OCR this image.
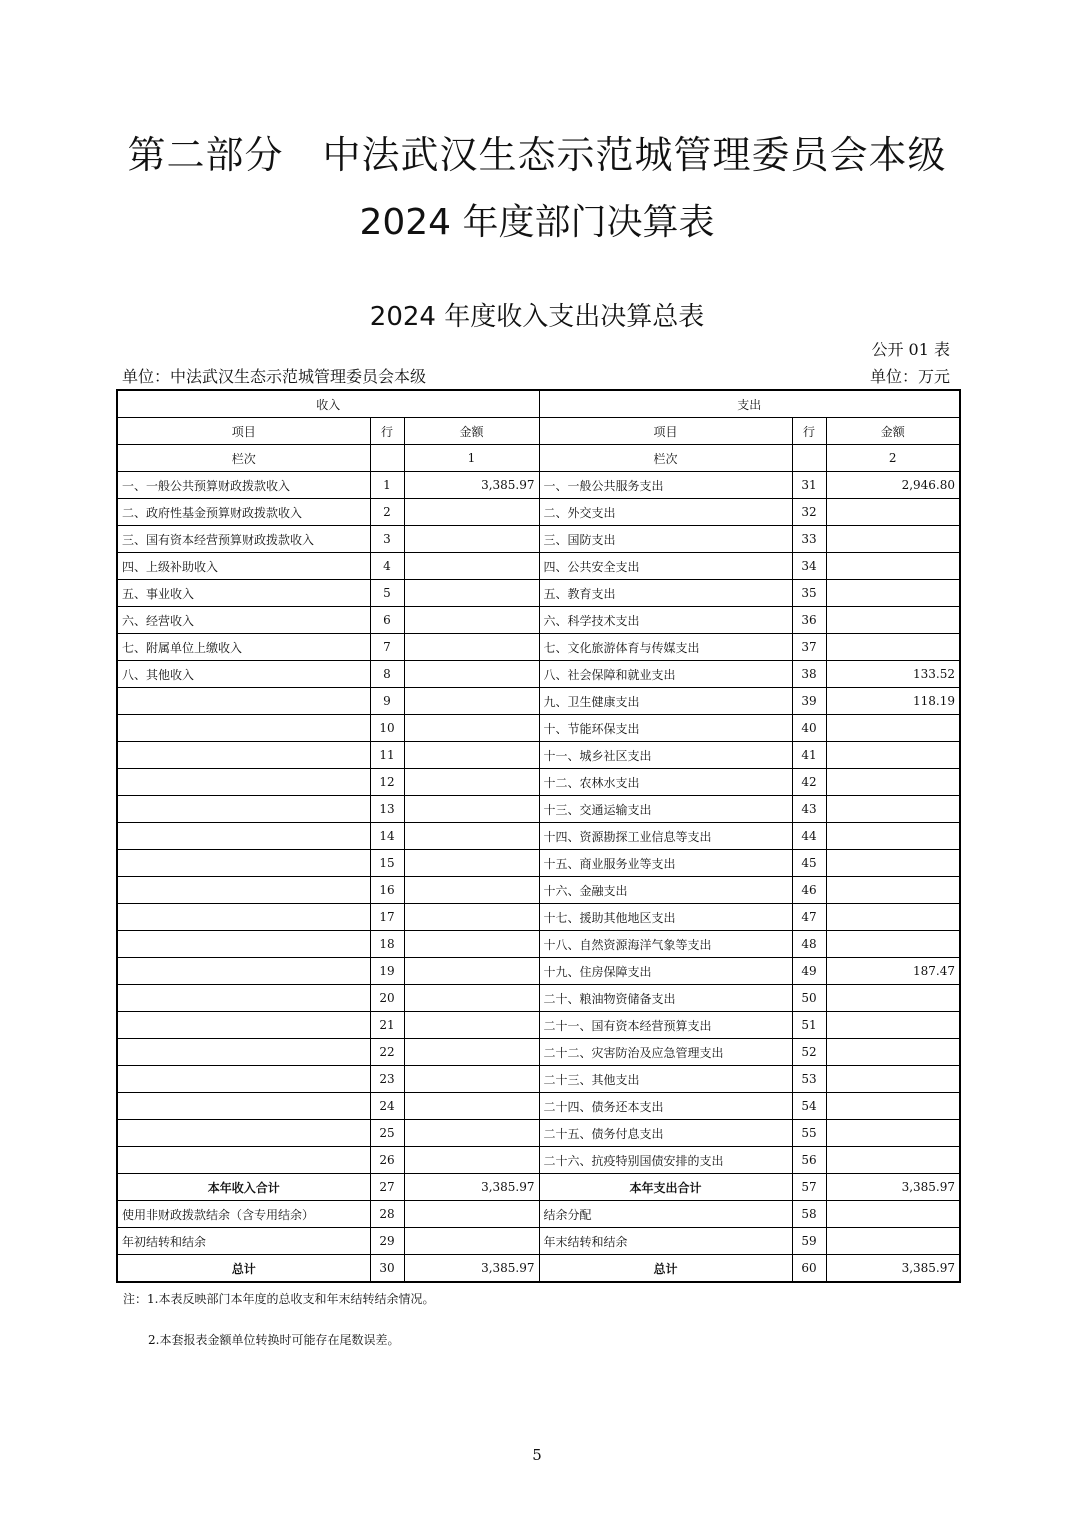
第二部分　中法武汉生态示范城管理委员会本级
2024 年度部门决算表
2024 年度收入支出决算总表
公开 01 表
单位：中法武汉生态示范城管理委员会本级	单位：万元
收入			支出		
项目	行	金额	项目	行	金额
栏次		1	栏次		2
一、一般公共预算财政拨款收入	1	3,385.97	一、一般公共服务支出	31	2,946.80
二、政府性基金预算财政拨款收入	2		二、外交支出	32	
三、国有资本经营预算财政拨款收入	3		三、国防支出	33	
四、上级补助收入	4		四、公共安全支出	34	
五、事业收入	5		五、教育支出	35	
六、经营收入	6		六、科学技术支出	36	
七、附属单位上缴收入	7		七、文化旅游体育与传媒支出	37	
八、其他收入	8		八、社会保障和就业支出	38	133.52
	9		九、卫生健康支出	39	118.19
	10		十、节能环保支出	40	
	11		十一、城乡社区支出	41	
	12		十二、农林水支出	42	
	13		十三、交通运输支出	43	
	14		十四、资源勘探工业信息等支出	44	
	15		十五、商业服务业等支出	45	
	16		十六、金融支出	46	
	17		十七、援助其他地区支出	47	
	18		十八、自然资源海洋气象等支出	48	
	19		十九、住房保障支出	49	187.47
	20		二十、粮油物资储备支出	50	
	21		二十一、国有资本经营预算支出	51	
	22		二十二、灾害防治及应急管理支出	52	
	23		二十三、其他支出	53	
	24		二十四、债务还本支出	54	
	25		二十五、债务付息支出	55	
	26		二十六、抗疫特别国债安排的支出	56	
本年收入合计	27	3,385.97	本年支出合计	57	3,385.97
使用非财政拨款结余（含专用结余）	28		结余分配	58	
年初结转和结余	29		年末结转和结余	59	
总计	30	3,385.97	总计	60	3,385.97
注：1.本表反映部门本年度的总收支和年末结转结余情况。
2.本套报表金额单位转换时可能存在尾数误差。
5
